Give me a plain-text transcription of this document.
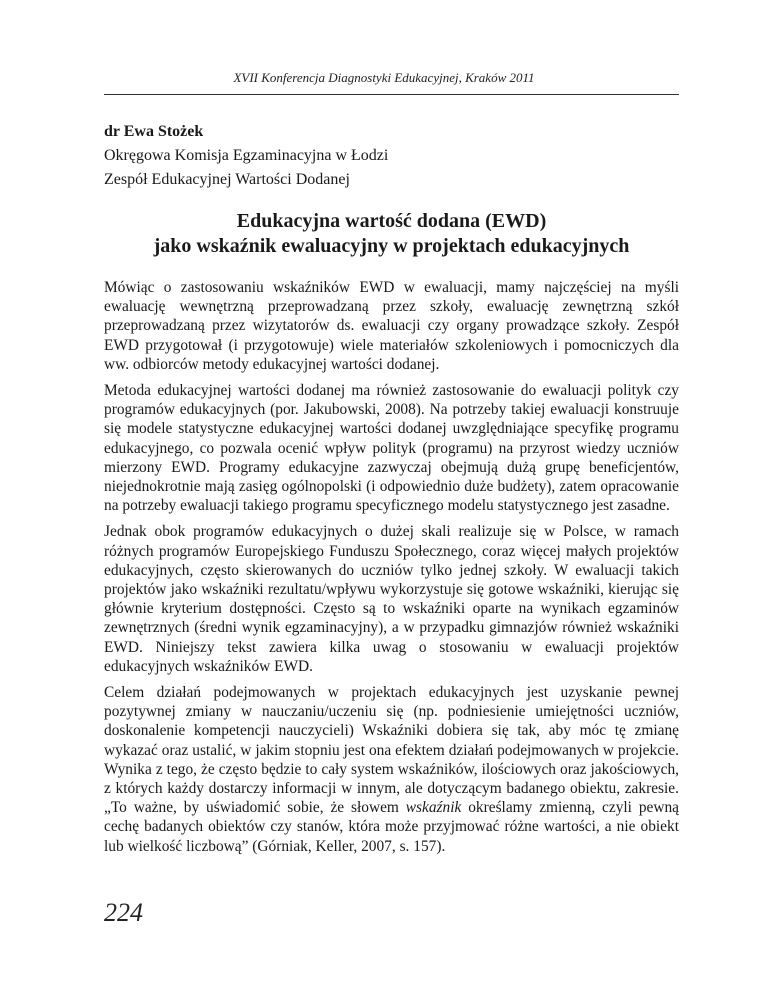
XVII Konferencja Diagnostyki Edukacyjnej, Kraków 2011

dr Ewa Stożek

Okręgowa Komisja Egzaminacyjna w Łodzi

Zespół Edukacyjnej Wartości Dodanej

Edukacyjna wartość dodana (EWD)
jako wskaźnik ewaluacyjny w projektach edukacyjnych

Mówiąc o zastosowaniu wskaźników EWD w ewaluacji, mamy najczęściej na myśli ewaluację wewnętrzną przeprowadzaną przez szkoły, ewaluację zewnętrzną szkół przeprowadzaną przez wizytatorów ds. ewaluacji czy organy prowadzące szkoły. Zespół EWD przygotował (i przygotowuje) wiele materiałów szkoleniowych i pomocniczych dla ww. odbiorców metody edukacyjnej wartości dodanej.

Metoda edukacyjnej wartości dodanej ma również zastosowanie do ewaluacji polityk czy programów edukacyjnych (por. Jakubowski, 2008). Na potrzeby takiej ewaluacji konstruuje się modele statystyczne edukacyjnej wartości dodanej uwzględniające specyfikę programu edukacyjnego, co pozwala ocenić wpływ polityk (programu) na przyrost wiedzy uczniów mierzony EWD. Programy edukacyjne zazwyczaj obejmują dużą grupę beneficjentów, niejednokrotnie mają zasięg ogólnopolski (i odpowiednio duże budżety), zatem opracowanie na potrzeby ewaluacji takiego programu specyficznego modelu statystycznego jest zasadne.

Jednak obok programów edukacyjnych o dużej skali realizuje się w Polsce, w ramach różnych programów Europejskiego Funduszu Społecznego, coraz więcej małych projektów edukacyjnych, często skierowanych do uczniów tylko jednej szkoły. W ewaluacji takich projektów jako wskaźniki rezultatu/wpływu wykorzystuje się gotowe wskaźniki, kierując się głównie kryterium dostępności. Często są to wskaźniki oparte na wynikach egzaminów zewnętrznych (średni wynik egzaminacyjny), a w przypadku gimnazjów również wskaźniki EWD. Niniejszy tekst zawiera kilka uwag o stosowaniu w ewaluacji projektów edukacyjnych wskaźników EWD.

Celem działań podejmowanych w projektach edukacyjnych jest uzyskanie pewnej pozytywnej zmiany w nauczaniu/uczeniu się (np. podniesienie umiejętności uczniów, doskonalenie kompetencji nauczycieli) Wskaźniki dobiera się tak, aby móc tę zmianę wykazać oraz ustalić, w jakim stopniu jest ona efektem działań podejmowanych w projekcie. Wynika z tego, że często będzie to cały system wskaźników, ilościowych oraz jakościowych, z których każdy dostarczy informacji w innym, ale dotyczącym badanego obiektu, zakresie. „To ważne, by uświadomić sobie, że słowem wskaźnik określamy zmienną, czyli pewną cechę badanych obiektów czy stanów, która może przyjmować różne wartości, a nie obiekt lub wielkość liczbową” (Górniak, Keller, 2007, s. 157).

224
